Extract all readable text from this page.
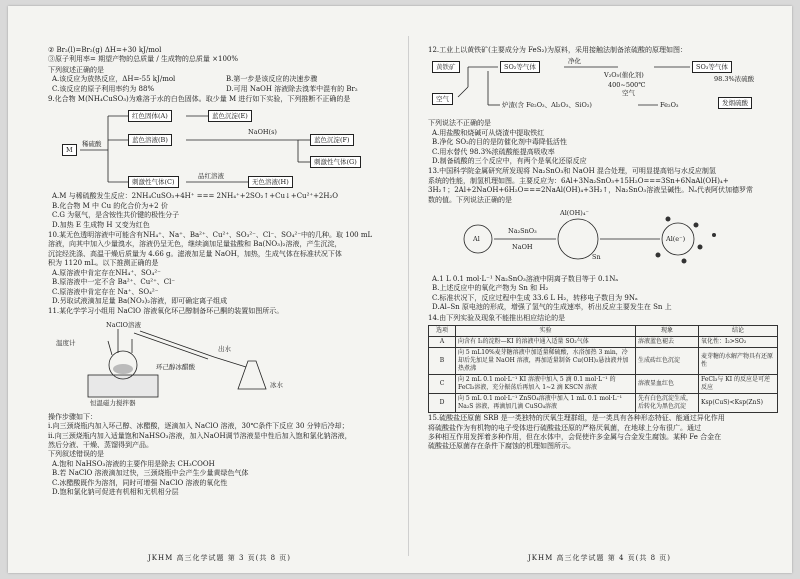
② Br₂(l)=Br₂(g) ΔH=+30 kJ/mol
③原子利用率= 期望产物的总质量 / 生成物的总质量 ×100%
下列叙述正确的是
A.该反应为放热反应，ΔH=-55 kJ/mol	B.第一步是该反应的决速步骤
C.该反应的原子利用率约为 88%	D.可用 NaOH 溶液除去溴苯中混有的 Br₂
9.化合物 M(NH₄CuSO₃)为难溶于水的白色固体。取少量 M 进行如下实验，下列推断不正确的是
M
稀硫酸
红色固体(A)	蓝色沉淀(E)
蓝色溶液(B)
NaOH(s)
蓝色沉淀(F)
刺激性气体(G)
刺激性气体(C)
品红溶液
无色溶液(H)
A.M 与稀硫酸发生反应：2NH₄CuSO₃+4H⁺ === 2NH₄⁺+2SO₂↑+Cu↓+Cu²⁺+2H₂O
B.化合物 M 中 Cu 的化合价为+2 价
C.G 为氨气，是含铵性共价键的极性分子
D.加热 E 生成物 H 又变为红色
10.某无色透明溶液中可能含有NH₄⁺、Na⁺、Ba²⁺、Cu²⁺、SO₃²⁻、Cl⁻、SO₄²⁻中的几种。取 100 mL
溶液，向其中加入少量溴水，溶液仍呈无色，继续滴加足量盐酸和 Ba(NO₃)₂溶液，产生沉淀，
沉淀经洗涤、高温干燥后质量为 4.66 g。滤液加足量 NaOH，加热，生成气体在标准状况下体
积为 1120 mL。以下推测正确的是
A.原溶液中肯定存在NH₄⁺、SO₄²⁻
B.原溶液中一定不含 Ba²⁺、Cu²⁺、Cl⁻
C.原溶液中肯定存在 Na⁺、SO₄²⁻
D.另取试液滴加足量 Ba(NO₃)₂溶液，即可确定离子组成
11.某化学学习小组用 NaClO 溶液氧化环己醇制备环己酮的装置如图所示。
NaClO溶液
温度计
环己醇冰醋酸
恒温磁力搅拌器
冰水
出水
操作步骤如下：
i.向三颈烧瓶内加入环己醇、冰醋酸，逐滴加入 NaClO 溶液，30℃条件下反应 30 分钟后冷却；
ii.向三颈烧瓶内加入适量饱和NaHSO₃溶液，加入NaOH调节溶液显中性后加入饱和氯化钠溶液，
然后分液、干燥、蒸馏得到产品。
下列叙述错误的是
A.饱和 NaHSO₃溶液的主要作用是除去 CH₃COOH
B.若 NaClO 溶液滴加过快，三颈烧瓶中会产生少量黄绿色气体
C.冰醋酸既作为溶剂，同时可增强 NaClO 溶液的氧化性
D.饱和氯化钠可促进有机相和无机相分层
12.工业上以黄铁矿(主要成分为 FeS₂)为原料，采用接触法制备浓硫酸的原理如图：
黄铁矿
空气
SO₂等气体
净化
V₂O₅(催化剂)
400~500℃
空气
SO₃等气体
98.3%浓硫酸
炉渣(含 Fe₂O₃、Al₂O₃、SiO₂)	Fe₂O₃	发烟硫酸
下列说法不正确的是
A.用盐酸和烧碱可从烧渣中提取铁红
B.净化 SO₂的目的是防催化剂中毒降低活性
C.用水替代 98.3%浓硫酸能提高吸收率
D.制备硫酸的三个反应中，有两个是氧化还原反应
13.中国科学院金属研究所发现将 Na₂SnO₃和 NaOH 混合处理，可明显提高铝与水反应制氢
系统的性能，制氢机理如图。主要反应为：6Al+3Na₂SnO₃+15H₂O===3Sn+6NaAl(OH)₄+
3H₂↑；2Al+2NaOH+6H₂O===2NaAl(OH)₄+3H₂↑，Na₂SnO₃溶液呈碱性。Nₐ代表阿伏加德罗常
数的值。下列说法正确的是
Al
Na₂SnO₃
NaOH
Al(OH)₄⁻
Sn
Al(e⁻)
A.1 L 0.1 mol·L⁻¹ Na₂SnO₃溶液中阴离子数目等于 0.1Nₐ
B.上述反应中的氧化产物为 Sn 和 H₂
C.标准状况下，反应过程中生成 33.6 L H₂，转移电子数目为 9Nₐ
D.Al–Sn 原电池的形成，增强了氢气的生成速率，析出反应主要发生在 Sn 上
14.由下列实验及现象不能推出相应结论的是
选项	实验	现象	结论
A	向含有 I₂的淀粉—KI 的溶液中通入适量 SO₂气体	溶液蓝色褪去	氧化性：I₂>SO₂
B	向 5 mL10%麦芽糖溶液中加适量稀硫酸，水浴加热 3 min，冷却后先加足量 NaOH 溶液，再加适量制备 Cu(OH)₂悬浊液并加热煮沸	生成砖红色沉淀	麦芽糖的水解产物具有还原性
C	向 2 mL 0.1 mol·L⁻¹ KI 溶液中加入 5 滴 0.1 mol·L⁻¹ 的 FeCl₃溶液，充分振荡后再加入 1~2 滴 KSCN 溶液	溶液显血红色	FeCl₃与 KI 的反应是可逆反应
D	向 5 mL 0.1 mol·L⁻¹ ZnSO₄溶液中加入 1 mL 0.1 mol·L⁻¹ Na₂S 溶液，再滴加几滴 CuSO₄溶液	先有白色沉淀生成，后转化为黑色沉淀	Ksp(CuS)<Ksp(ZnS)
15.硫酸盐还原菌 SRB 是一类独特的厌氧生理群组，是一类具有各种形态特征、能通过异化作用
将硫酸盐作为有机物的电子受体进行硫酸盐还原的严格厌氧菌，在地球上分布很广。通过
多种相互作用发挥着多种作用，但在水体中，会促使许多金属与合金发生腐蚀。某种 Fe 合金在
硫酸盐还原菌存在条件下腐蚀的机理如图所示。
JKHM 高三化学试题 第 3 页(共 8 页)	JKHM 高三化学试题 第 4 页(共 8 页)
